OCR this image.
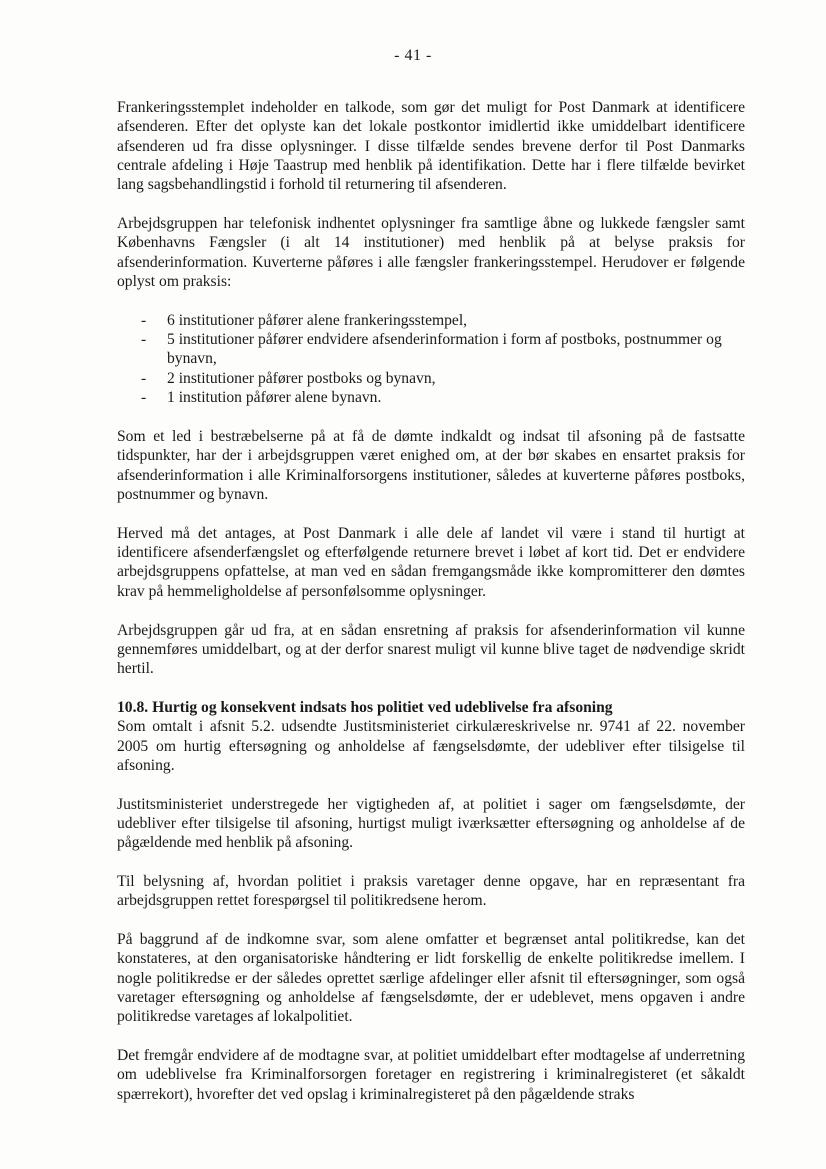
- 41 -

Frankeringsstemplet indeholder en talkode, som gør det muligt for Post Danmark at identificere afsenderen. Efter det oplyste kan det lokale postkontor imidlertid ikke umiddelbart identificere afsenderen ud fra disse oplysninger. I disse tilfælde sendes brevene derfor til Post Danmarks centrale afdeling i Høje Taastrup med henblik på identifikation. Dette har i flere tilfælde bevirket lang sagsbehandlingstid i forhold til returnering til afsenderen.

Arbejdsgruppen har telefonisk indhentet oplysninger fra samtlige åbne og lukkede fængsler samt Københavns Fængsler (i alt 14 institutioner) med henblik på at belyse praksis for afsenderinformation. Kuverterne påføres i alle fængsler frankeringsstempel. Herudover er følgende oplyst om praksis:

- 6 institutioner påfører alene frankeringsstempel,
- 5 institutioner påfører endvidere afsenderinformation i form af postboks, postnummer og bynavn,
- 2 institutioner påfører postboks og bynavn,
- 1 institution påfører alene bynavn.

Som et led i bestræbelserne på at få de dømte indkaldt og indsat til afsoning på de fastsatte tidspunkter, har der i arbejdsgruppen været enighed om, at der bør skabes en ensartet praksis for afsenderinformation i alle Kriminalforsorgens institutioner, således at kuverterne påføres postboks, postnummer og bynavn.

Herved må det antages, at Post Danmark i alle dele af landet vil være i stand til hurtigt at identificere afsenderfængslet og efterfølgende returnere brevet i løbet af kort tid. Det er endvidere arbejdsgruppens opfattelse, at man ved en sådan fremgangsmåde ikke kompromitterer den dømtes krav på hemmeligholdelse af personfølsomme oplysninger.

Arbejdsgruppen går ud fra, at en sådan ensretning af praksis for afsenderinformation vil kunne gennemføres umiddelbart, og at der derfor snarest muligt vil kunne blive taget de nødvendige skridt hertil.

10.8. Hurtig og konsekvent indsats hos politiet ved udeblivelse fra afsoning

Som omtalt i afsnit 5.2. udsendte Justitsministeriet cirkulæreskrivelse nr. 9741 af 22. november 2005 om hurtig eftersøgning og anholdelse af fængselsdømte, der udebliver efter tilsigelse til afsoning.

Justitsministeriet understregede her vigtigheden af, at politiet i sager om fængselsdømte, der udebliver efter tilsigelse til afsoning, hurtigst muligt iværksætter eftersøgning og anholdelse af de pågældende med henblik på afsoning.

Til belysning af, hvordan politiet i praksis varetager denne opgave, har en repræsentant fra arbejdsgruppen rettet forespørgsel til politikredsene herom.

På baggrund af de indkomne svar, som alene omfatter et begrænset antal politikredse, kan det konstateres, at den organisatoriske håndtering er lidt forskellig de enkelte politikredse imellem. I nogle politikredse er der således oprettet særlige afdelinger eller afsnit til eftersøgninger, som også varetager eftersøgning og anholdelse af fængselsdømte, der er udeblevet, mens opgaven i andre politikredse varetages af lokalpolitiet.

Det fremgår endvidere af de modtagne svar, at politiet umiddelbart efter modtagelse af underretning om udeblivelse fra Kriminalforsorgen foretager en registrering i kriminalregisteret (et såkaldt spærrekort), hvorefter det ved opslag i kriminalregisteret på den pågældende straks
